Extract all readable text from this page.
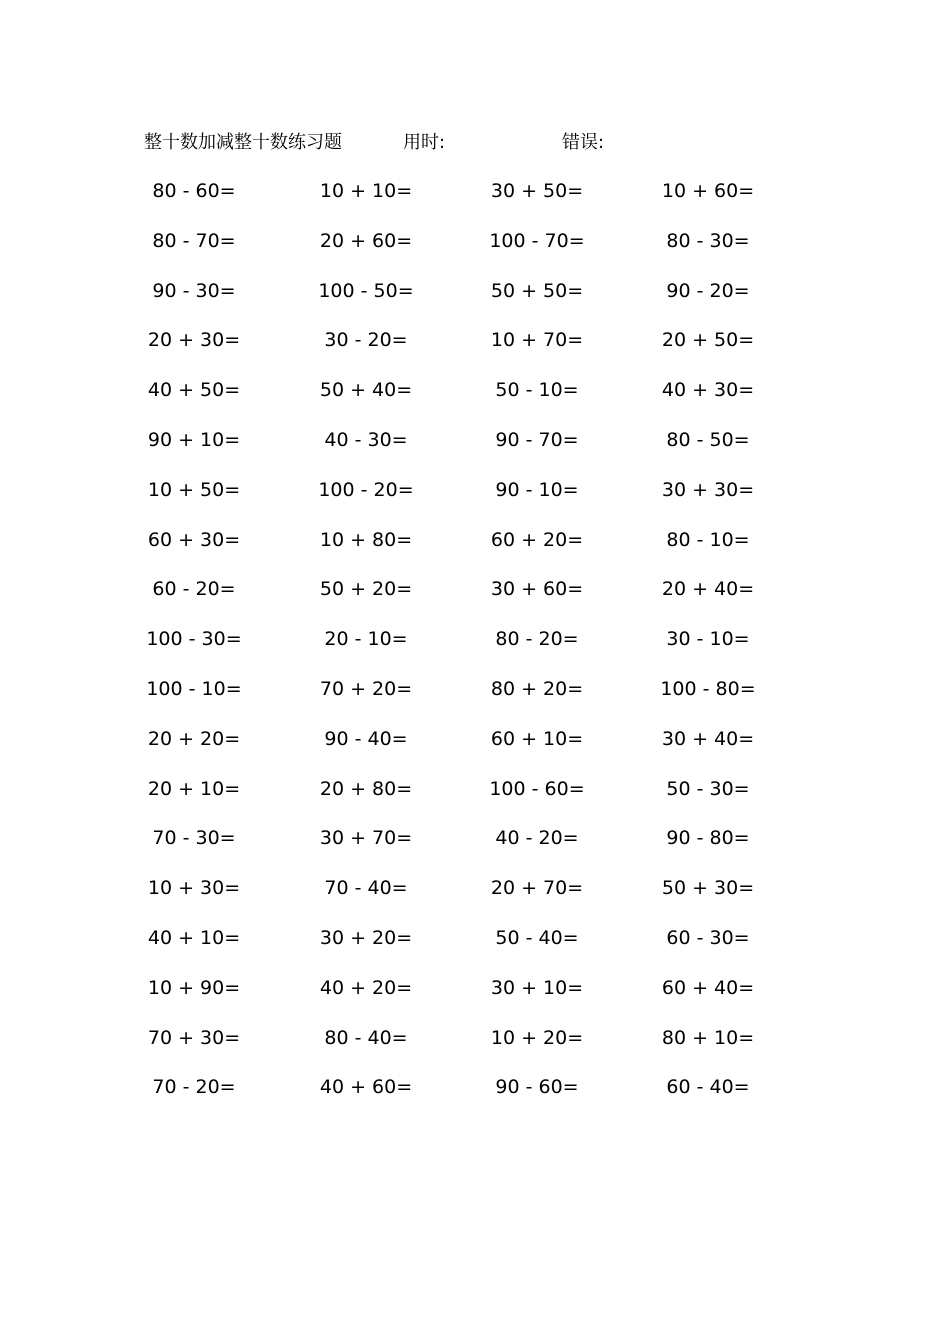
整十数加减整十数练习题	用时:	错误:
80 - 60=	10 + 10=	30 + 50=	10 + 60=
80 - 70=	20 + 60=	100 - 70=	80 - 30=
90 - 30=	100 - 50=	50 + 50=	90 - 20=
20 + 30=	30 - 20=	10 + 70=	20 + 50=
40 + 50=	50 + 40=	50 - 10=	40 + 30=
90 + 10=	40 - 30=	90 - 70=	80 - 50=
10 + 50=	100 - 20=	90 - 10=	30 + 30=
60 + 30=	10 + 80=	60 + 20=	80 - 10=
60 - 20=	50 + 20=	30 + 60=	20 + 40=
100 - 30=	20 - 10=	80 - 20=	30 - 10=
100 - 10=	70 + 20=	80 + 20=	100 - 80=
20 + 20=	90 - 40=	60 + 10=	30 + 40=
20 + 10=	20 + 80=	100 - 60=	50 - 30=
70 - 30=	30 + 70=	40 - 20=	90 - 80=
10 + 30=	70 - 40=	20 + 70=	50 + 30=
40 + 10=	30 + 20=	50 - 40=	60 - 30=
10 + 90=	40 + 20=	30 + 10=	60 + 40=
70 + 30=	80 - 40=	10 + 20=	80 + 10=
70 - 20=	40 + 60=	90 - 60=	60 - 40=
